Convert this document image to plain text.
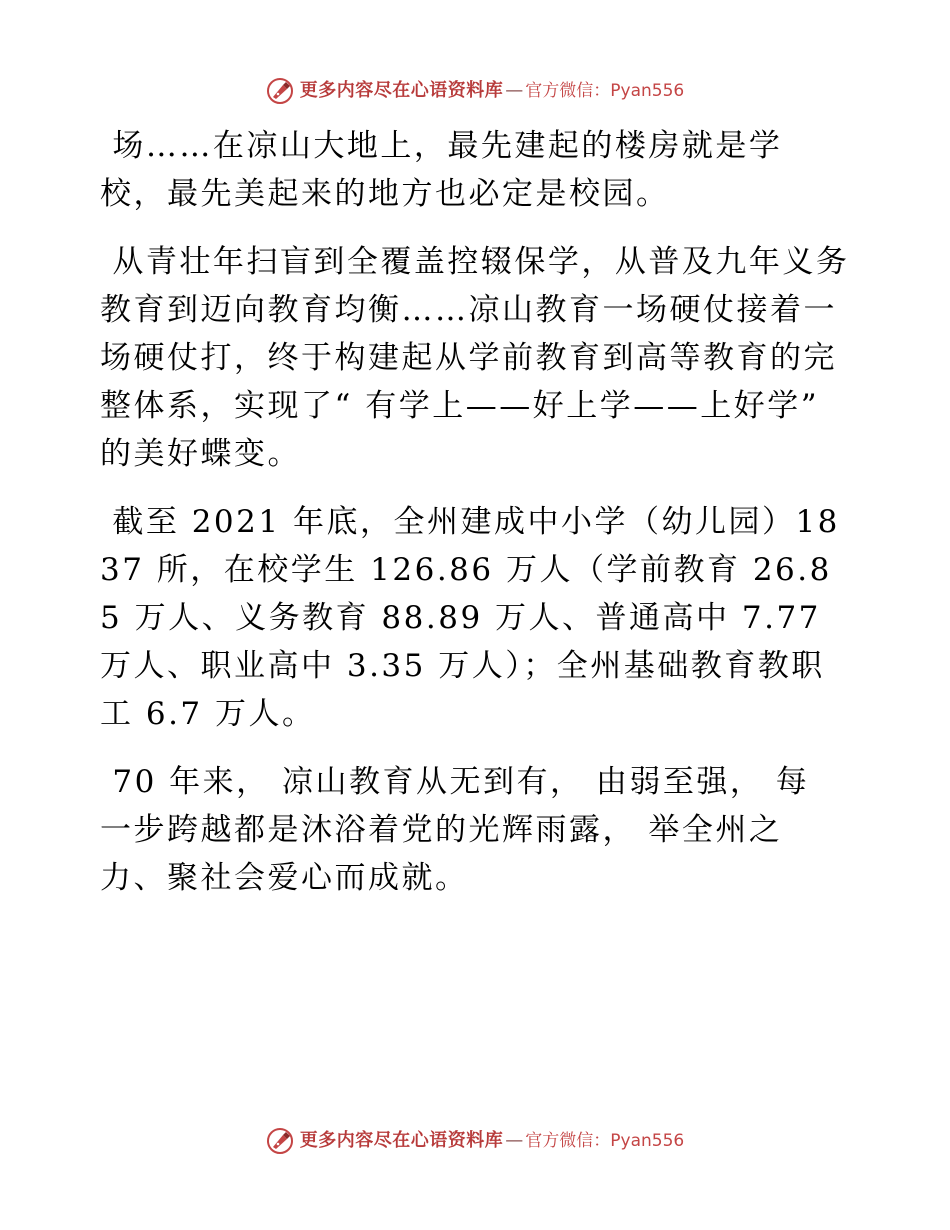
更多内容尽在心语资料库 — 官方微信：Pyan556

场……在凉山大地上，最先建起的楼房就是学
校，最先美起来的地方也必定是校园。

从青壮年扫盲到全覆盖控辍保学，从普及九年义务教育到迈向教育均衡……凉山教育一场硬仗接着一场硬仗打，终于构建起从学前教育到高等教育的完整体系，实现了“ 有学上——好上学——上好学”  的美好蝶变。

截至 2021 年底，全州建成中小学（幼儿园）1837 所，在校学生 126.86 万人（学前教育 26.85 万人、义务教育 88.89 万人、普通高中 7.77 万人、职业高中 3.35 万人）；全州基础教育教职工 6.7 万人。

70 年来， 凉山教育从无到有， 由弱至强， 每
一步跨越都是沐浴着党的光辉雨露， 举全州之
力、聚社会爱心而成就。

更多内容尽在心语资料库 — 官方微信：Pyan556
